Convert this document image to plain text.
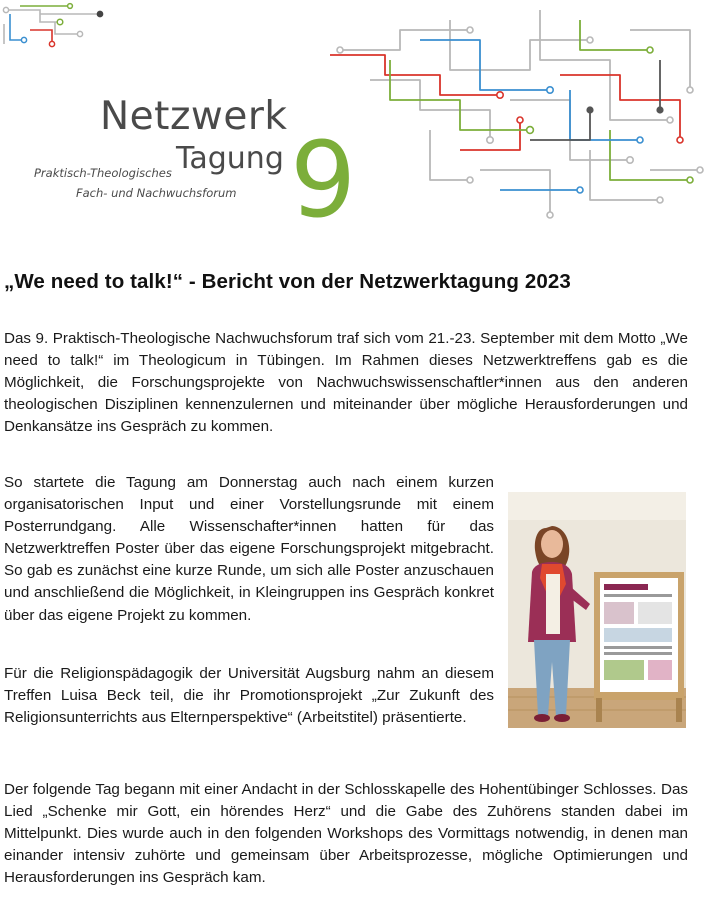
Netzwerk
Tagung 9
Praktisch-Theologisches
Fach- und Nachwuchsforum
„We need to talk!“ - Bericht von der Netzwerktagung 2023

Das 9. Praktisch-Theologische Nachwuchsforum traf sich vom 21.-23. September mit dem Motto „We need to talk!“ im Theologicum in Tübingen. Im Rahmen dieses Netzwerktreffens gab es die Möglichkeit, die Forschungsprojekte von Nachwuchswissenschaftler*innen aus den anderen theologischen Disziplinen kennenzulernen und miteinander über mögliche Herausforderungen und Denkansätze ins Gespräch zu kommen.

So startete die Tagung am Donnerstag auch nach einem kurzen organisatorischen Input und einer Vorstellungsrunde mit einem Posterrundgang. Alle Wissenschafter*innen hatten für das Netzwerktreffen Poster über das eigene Forschungsprojekt mitgebracht. So gab es zunächst eine kurze Runde, um sich alle Poster anzuschauen und anschließend die Möglichkeit, in Kleingruppen ins Gespräch konkret über das eigene Projekt zu kommen.

Für die Religionspädagogik der Universität Augsburg nahm an diesem Treffen Luisa Beck teil, die ihr Promotionsprojekt „Zur Zukunft des Religionsunterrichts aus Elternperspektive“ (Arbeitstitel) präsentierte.

Der folgende Tag begann mit einer Andacht in der Schlosskapelle des Hohentübinger Schlosses. Das Lied „Schenke mir Gott, ein hörendes Herz“ und die Gabe des Zuhörens standen dabei im Mittelpunkt. Dies wurde auch in den folgenden Workshops des Vormittags notwendig, in denen man einander intensiv zuhörte und gemeinsam über Arbeitsprozesse, mögliche Optimierungen und Herausforderungen ins Gespräch kam.
